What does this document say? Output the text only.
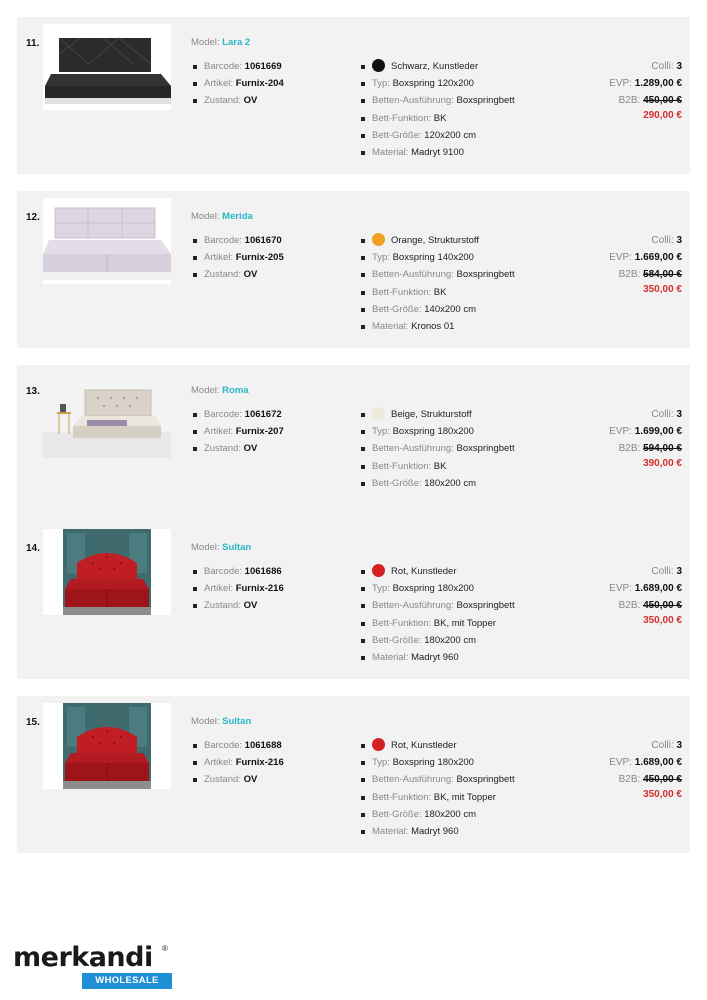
11.	Model: Lara 2
Barcode: 1061669
Artikel: Furnix-204
Zustand: OV
Schwarz, Kunstleder
Typ: Boxspring 120x200
Betten-Ausführung: Boxspringbett
Bett-Funktion: BK
Bett-Größe: 120x200 cm
Material: Madryt 9100
Colli: 3
EVP: 1.289,00 €
B2B: 450,00 €
290,00 €
12.	Model: Merida
Barcode: 1061670
Artikel: Furnix-205
Zustand: OV
Orange, Strukturstoff
Typ: Boxspring 140x200
Betten-Ausführung: Boxspringbett
Bett-Funktion: BK
Bett-Größe: 140x200 cm
Material: Kronos 01
Colli: 3
EVP: 1.669,00 €
B2B: 584,00 €
350,00 €
13.	Model: Roma
Barcode: 1061672
Artikel: Furnix-207
Zustand: OV
Beige, Strukturstoff
Typ: Boxspring 180x200
Betten-Ausführung: Boxspringbett
Bett-Funktion: BK
Bett-Größe: 180x200 cm
Colli: 3
EVP: 1.699,00 €
B2B: 594,00 €
390,00 €
14.	Model: Sultan
Barcode: 1061686
Artikel: Furnix-216
Zustand: OV
Rot, Kunstleder
Typ: Boxspring 180x200
Betten-Ausführung: Boxspringbett
Bett-Funktion: BK, mit Topper
Bett-Größe: 180x200 cm
Material: Madryt 960
Colli: 3
EVP: 1.689,00 €
B2B: 450,00 €
350,00 €
15.	Model: Sultan
Barcode: 1061688
Artikel: Furnix-216
Zustand: OV
Rot, Kunstleder
Typ: Boxspring 180x200
Betten-Ausführung: Boxspringbett
Bett-Funktion: BK, mit Topper
Bett-Größe: 180x200 cm
Material: Madryt 960
Colli: 3
EVP: 1.689,00 €
B2B: 450,00 €
350,00 €
merkandi ®
WHOLESALE
